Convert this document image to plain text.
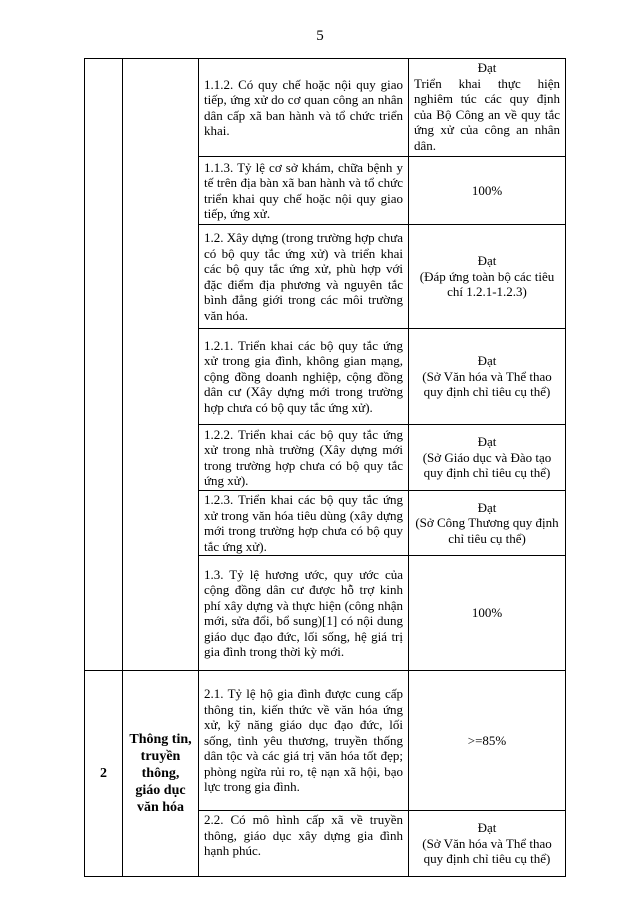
5
		1.1.2. Có quy chế hoặc nội quy giao tiếp, ứng xử do cơ quan công an nhân dân cấp xã ban hành và tổ chức triển khai.	Đạt
Triển khai thực hiện nghiêm túc các quy định của Bộ Công an về quy tắc ứng xử của công an nhân dân.

		1.1.3. Tỷ lệ cơ sở khám, chữa bệnh y tế trên địa bàn xã ban hành và tổ chức triển khai quy chế hoặc nội quy giao tiếp, ứng xử.	100%

		1.2. Xây dựng (trong trường hợp chưa có bộ quy tắc ứng xử) và triển khai các bộ quy tắc ứng xử, phù hợp với đặc điểm địa phương và nguyên tắc bình đẳng giới trong các môi trường văn hóa.	Đạt
(Đáp ứng toàn bộ các tiêu chí 1.2.1-1.2.3)

		1.2.1. Triển khai các bộ quy tắc ứng xử trong gia đình, không gian mạng, cộng đồng doanh nghiệp, cộng đồng dân cư (Xây dựng mới trong trường hợp chưa có bộ quy tắc ứng xử).	Đạt
(Sở Văn hóa và Thể thao quy định chỉ tiêu cụ thể)

		1.2.2. Triển khai các bộ quy tắc ứng xử trong nhà trường (Xây dựng mới trong trường hợp chưa có bộ quy tắc ứng xử).	Đạt
(Sở Giáo dục và Đào tạo quy định chỉ tiêu cụ thể)

		1.2.3. Triển khai các bộ quy tắc ứng xử trong văn hóa tiêu dùng (xây dựng mới trong trường hợp chưa có bộ quy tắc ứng xử).	Đạt
(Sở Công Thương quy định chỉ tiêu cụ thể)

		1.3. Tỷ lệ hương ước, quy ước của cộng đồng dân cư được hỗ trợ kinh phí xây dựng và thực hiện (công nhận mới, sửa đổi, bổ sung)[1] có nội dung giáo dục đạo đức, lối sống, hệ giá trị gia đình trong thời kỳ mới.	100%

2	Thông tin, truyền thông, giáo dục văn hóa	2.1. Tỷ lệ hộ gia đình được cung cấp thông tin, kiến thức về văn hóa ứng xử, kỹ năng giáo dục đạo đức, lối sống, tình yêu thương, truyền thống dân tộc và các giá trị văn hóa tốt đẹp; phòng ngừa rủi ro, tệ nạn xã hội, bạo lực trong gia đình.	>=85%

		2.2. Có mô hình cấp xã về truyền thông, giáo dục xây dựng gia đình hạnh phúc.	Đạt
(Sở Văn hóa và Thể thao quy định chỉ tiêu cụ thể)
